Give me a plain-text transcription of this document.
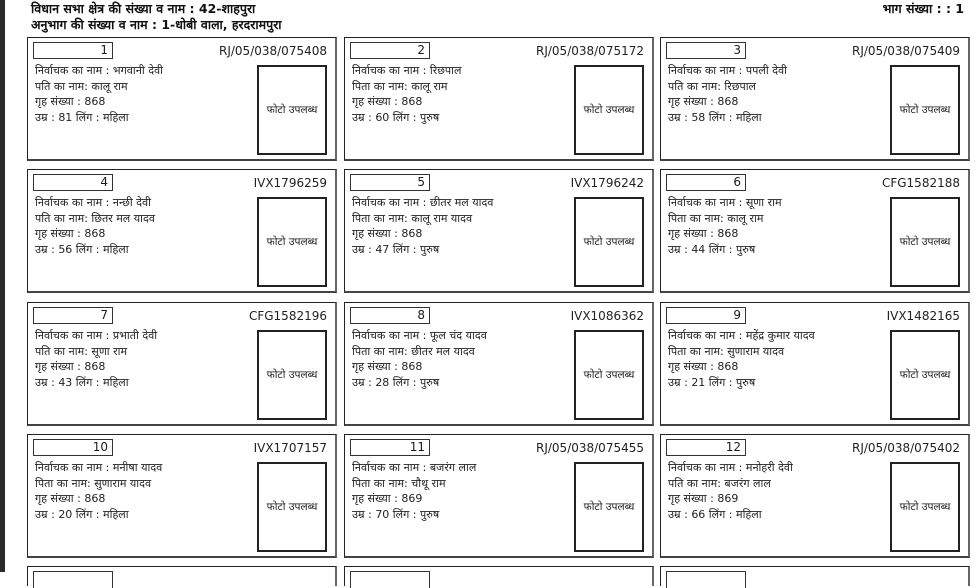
विधान सभा क्षेत्र की संख्या व नाम : 42-शाहपुरा
अनुभाग की संख्या व नाम : 1-धोबी वाला, हरदरामपुरा
भाग संख्या : : 1
1	RJ/05/038/075408
निर्वाचक का नाम : भगवानी देवी
पति का नाम: कालू राम
गृह संख्या : 868
उम्र : 81 लिंग : महिला
फोटो उपलब्ध
2	RJ/05/038/075172
निर्वाचक का नाम : रिछपाल
पिता का नाम: कालू राम
गृह संख्या : 868
उम्र : 60 लिंग : पुरुष
फोटो उपलब्ध
3	RJ/05/038/075409
निर्वाचक का नाम : पपली देवी
पति का नाम: रिछपाल
गृह संख्या : 868
उम्र : 58 लिंग : महिला
फोटो उपलब्ध
4	IVX1796259
निर्वाचक का नाम : नन्छी देवी
पति का नाम: छितर मल यादव
गृह संख्या : 868
उम्र : 56 लिंग : महिला
फोटो उपलब्ध
5	IVX1796242
निर्वाचक का नाम : छीतर मल यादव
पिता का नाम: कालू राम यादव
गृह संख्या : 868
उम्र : 47 लिंग : पुरुष
फोटो उपलब्ध
6	CFG1582188
निर्वाचक का नाम : सूणा राम
पिता का नाम: कालू राम
गृह संख्या : 868
उम्र : 44 लिंग : पुरुष
फोटो उपलब्ध
7	CFG1582196
निर्वाचक का नाम : प्रभाती देवी
पति का नाम: सूणा राम
गृह संख्या : 868
उम्र : 43 लिंग : महिला
फोटो उपलब्ध
8	IVX1086362
निर्वाचक का नाम : फूल चंद यादव
पिता का नाम: छीतर मल यादव
गृह संख्या : 868
उम्र : 28 लिंग : पुरुष
फोटो उपलब्ध
9	IVX1482165
निर्वाचक का नाम : महेंद्र कुमार यादव
पिता का नाम: सुणाराम यादव
गृह संख्या : 868
उम्र : 21 लिंग : पुरुष
फोटो उपलब्ध
10	IVX1707157
निर्वाचक का नाम : मनीषा यादव
पिता का नाम: सुणाराम यादव
गृह संख्या : 868
उम्र : 20 लिंग : महिला
फोटो उपलब्ध
11	RJ/05/038/075455
निर्वाचक का नाम : बजरंग लाल
पिता का नाम: चौथू राम
गृह संख्या : 869
उम्र : 70 लिंग : पुरुष
फोटो उपलब्ध
12	RJ/05/038/075402
निर्वाचक का नाम : मनोहरी देवी
पति का नाम: बजरंग लाल
गृह संख्या : 869
उम्र : 66 लिंग : महिला
फोटो उपलब्ध
